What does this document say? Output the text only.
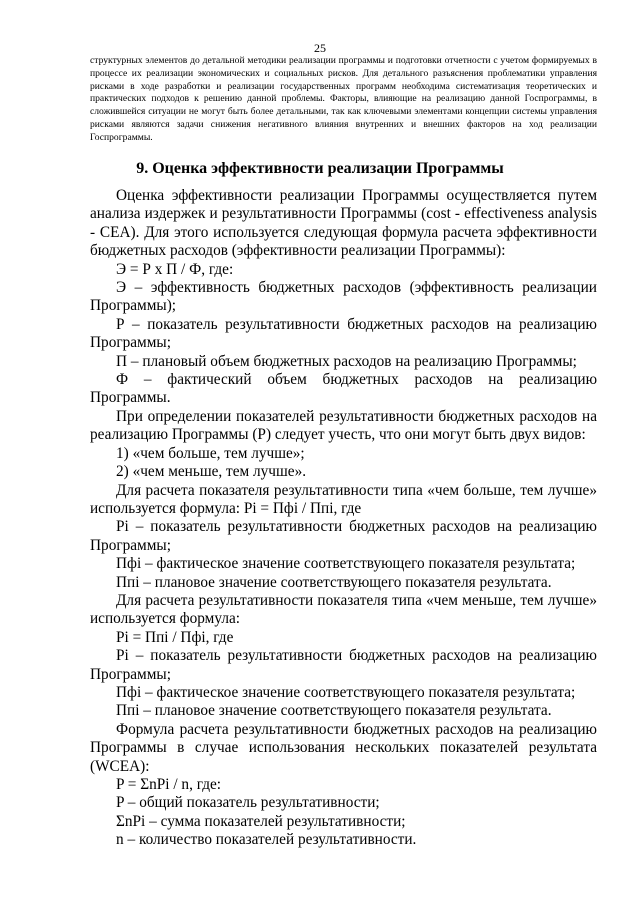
25
структурных элементов до детальной методики реализации программы и подготовки отчетности с учетом формируемых в процессе их реализации экономических и социальных рисков. Для детального разъяснения проблематики управления рисками в ходе разработки и реализации государственных программ необходима систематизация теоретических и практических подходов к решению данной проблемы. Факторы, влияющие на реализацию данной Госпрограммы, в сложившейся ситуации не могут быть более детальными, так как ключевыми элементами концепции системы управления рисками являются задачи снижения негативного влияния внутренних и внешних факторов на ход реализации Госпрограммы.
9. Оценка эффективности реализации Программы

Оценка эффективности реализации Программы осуществляется путем анализа издержек и результативности Программы (cost - effectiveness analysis - CEA). Для этого используется следующая формула расчета эффективности бюджетных расходов (эффективности реализации Программы):

Э = Р х П / Ф, где:

Э – эффективность бюджетных расходов (эффективность реализации Программы);

Р – показатель результативности бюджетных расходов на реализацию Программы;

П – плановый объем бюджетных расходов на реализацию Программы;

Ф – фактический объем бюджетных расходов на реализацию Программы.

При определении показателей результативности бюджетных расходов на реализацию Программы (Р) следует учесть, что они могут быть двух видов:

1) «чем больше, тем лучше»;

2) «чем меньше, тем лучше».

Для расчета показателя результативности типа «чем больше, тем лучше» используется формула: Pi = Пфi / Ппi, где

Pi – показатель результативности бюджетных расходов на реализацию Программы;

Пфi – фактическое значение соответствующего показателя результата;

Ппi – плановое значение соответствующего показателя результата.

Для расчета результативности показателя типа «чем меньше, тем лучше» используется формула:

Pi = Ппi / Пфi, где

Pi – показатель результативности бюджетных расходов на реализацию Программы;

Пфi – фактическое значение соответствующего показателя результата;

Ппi – плановое значение соответствующего показателя результата.

Формула расчета результативности бюджетных расходов на реализацию Программы в случае использования нескольких показателей результата (WCEA):

P = ΣnPi / n, где:

P – общий показатель результативности;

ΣnPi – сумма показателей результативности;

n – количество показателей результативности.
